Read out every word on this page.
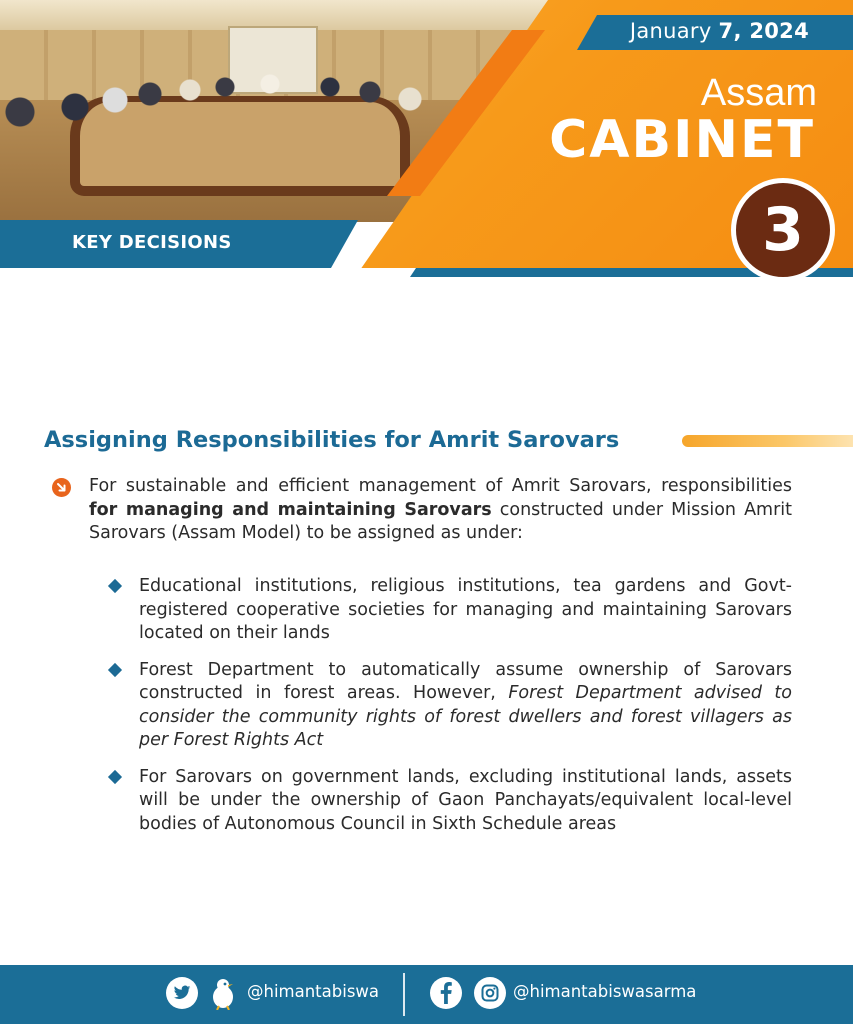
January 7, 2024
Assam
CABINET
3
KEY DECISIONS
Assigning Responsibilities for Amrit Sarovars
For sustainable and efficient management of Amrit Sarovars, responsibilities for managing and maintaining Sarovars constructed under Mission Amrit Sarovars (Assam Model) to be assigned as under:
Educational institutions, religious institutions, tea gardens and Govt-registered cooperative societies for managing and maintaining Sarovars located on their lands
Forest Department to automatically assume ownership of Sarovars constructed in forest areas. However, Forest Department advised to consider the community rights of forest dwellers and forest villagers as per Forest Rights Act
For Sarovars on government lands, excluding institutional lands, assets will be under the ownership of Gaon Panchayats/equivalent local-level bodies of Autonomous Council in Sixth Schedule areas
@himantabiswa	@himantabiswasarma
